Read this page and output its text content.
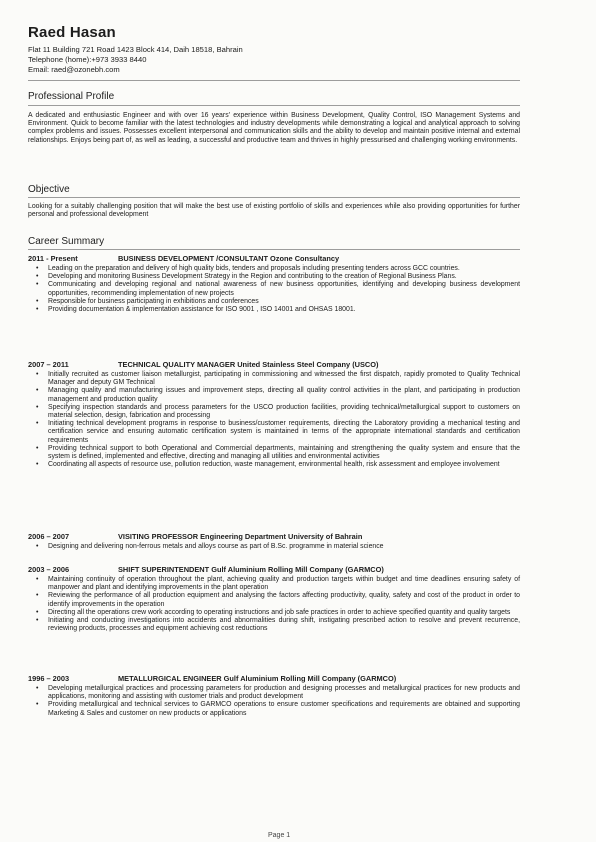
Raed Hasan
Flat 11 Building 721 Road 1423 Block 414, Daih 18518, Bahrain
Telephone (home):+973 3933 8440
Email: raed@ozonebh.com
Professional Profile
A dedicated and enthusiastic Engineer and with over 16 years' experience within Business Development, Quality Control, ISO Management Systems and Environment. Quick to become familiar with the latest technologies and industry developments while demonstrating a logical and analytical approach to solving complex problems and issues. Possesses excellent interpersonal and communication skills and the ability to develop and maintain positive internal and external relationships. Enjoys being part of, as well as leading, a successful and productive team and thrives in highly pressurised and challenging working environments.
Objective
Looking for a suitably challenging position that will make the best use of existing portfolio of skills and experiences while also providing opportunities for further personal and professional development
Career Summary
2011 - Present	BUSINESS DEVELOPMENT /CONSULTANT Ozone Consultancy
• Leading on the preparation and delivery of high quality bids, tenders and proposals including presenting tenders across GCC countries.
• Developing and monitoring Business Development Strategy in the Region and contributing to the creation of Regional Business Plans.
• Communicating and developing regional and national awareness of new business opportunities, identifying and developing business development opportunities, recommending implementation of new projects
• Responsible for business participating in exhibitions and conferences
• Providing documentation & implementation assistance for ISO 9001 , ISO 14001 and OHSAS 18001.
2007 – 2011	TECHNICAL QUALITY MANAGER United Stainless Steel Company (USCO)
• Initially recruited as customer liaison metallurgist, participating in commissioning and witnessed the first dispatch, rapidly promoted to Quality Technical Manager and deputy GM Technical
• Managing quality and manufacturing issues and improvement steps, directing all quality control activities in the plant, and participating in production management and production quality
• Specifying inspection standards and process parameters for the USCO production facilities, providing technical/metallurgical support to customers on material selection, design, fabrication and processing
• Initiating technical development programs in response to business/customer requirements, directing the Laboratory providing a mechanical testing and certification service and ensuring automatic certification system is maintained in terms of the appropriate international standards and certification requirements
• Providing technical support to both Operational and Commercial departments, maintaining and strengthening the quality system and ensure that the system is defined, implemented and effective, directing and managing all utilities and environmental activities
• Coordinating all aspects of resource use, pollution reduction, waste management, environmental health, risk assessment and employee involvement
2006 – 2007	VISITING PROFESSOR Engineering Department University of Bahrain
• Designing and delivering non-ferrous metals and alloys course as part of B.Sc. programme in material science
2003 – 2006	SHIFT SUPERINTENDENT Gulf Aluminium Rolling Mill Company (GARMCO)
• Maintaining continuity of operation throughout the plant, achieving quality and production targets within budget and time deadlines ensuring safety of manpower and plant and identifying improvements in the plant operation
• Reviewing the performance of all production equipment and analysing the factors affecting productivity, quality, safety and cost of the product in order to identify improvements in the operation
• Directing all the operations crew work according to operating instructions and job safe practices in order to achieve specified quantity and quality targets
• Initiating and conducting investigations into accidents and abnormalities during shift, instigating prescribed action to resolve and prevent recurrence, reviewing products, processes and equipment achieving cost reductions
1996 – 2003	METALLURGICAL ENGINEER Gulf Aluminium Rolling Mill Company (GARMCO)
• Developing metallurgical practices and processing parameters for production and designing processes and metallurgical practices for new products and applications, monitoring and assisting with customer trials and product development
• Providing metallurgical and technical services to GARMCO operations to ensure customer specifications and requirements are obtained and supporting Marketing & Sales and customer on new products or applications
Page 1
